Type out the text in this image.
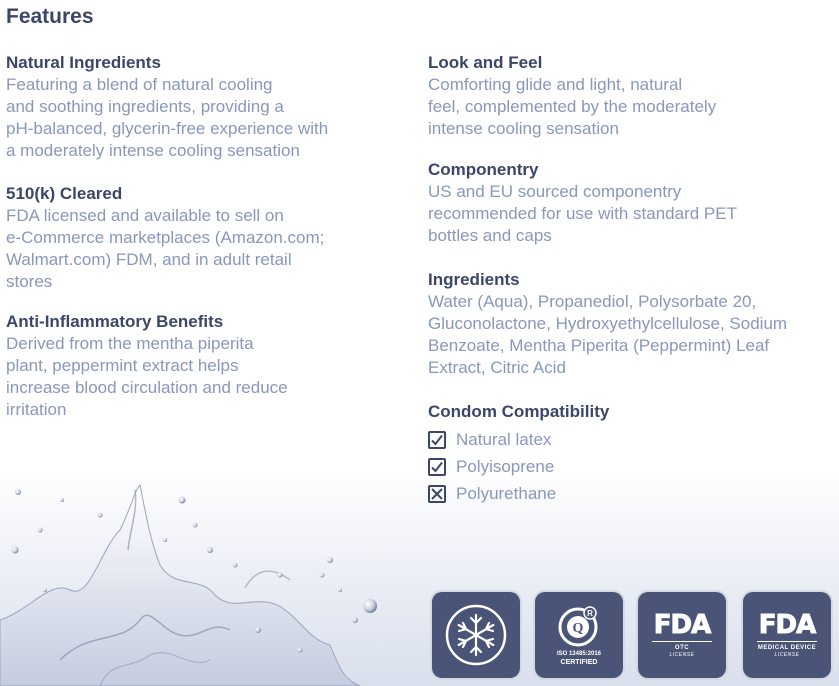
Features
Natural Ingredients

Featuring a blend of natural cooling
and soothing ingredients, providing a
pH-balanced, glycerin-free experience with
a moderately intense cooling sensation

510(k) Cleared

FDA licensed and available to sell on
e-Commerce marketplaces (Amazon.com;
Walmart.com) FDM, and in adult retail
stores

Anti-Inflammatory Benefits

Derived from the mentha piperita
plant, peppermint extract helps
increase blood circulation and reduce
irritation

Look and Feel

Comforting glide and light, natural
feel, complemented by the moderately
intense cooling sensation

Componentry

US and EU sourced componentry
recommended for use with standard PET
bottles and caps

Ingredients

Water (Aqua), Propanediol, Polysorbate 20,
Gluconolactone, Hydroxyethylcellulose, Sodium
Benzoate, Mentha Piperita (Peppermint) Leaf
Extract, Citric Acid

Condom Compatibility
Natural latex
Polyisoprene
Polyurethane
Q
R
ISO 13485:2016
CERTIFIED
FDA
OTC
LICENSE
FDA
MEDICAL DEVICE
LICENSE
